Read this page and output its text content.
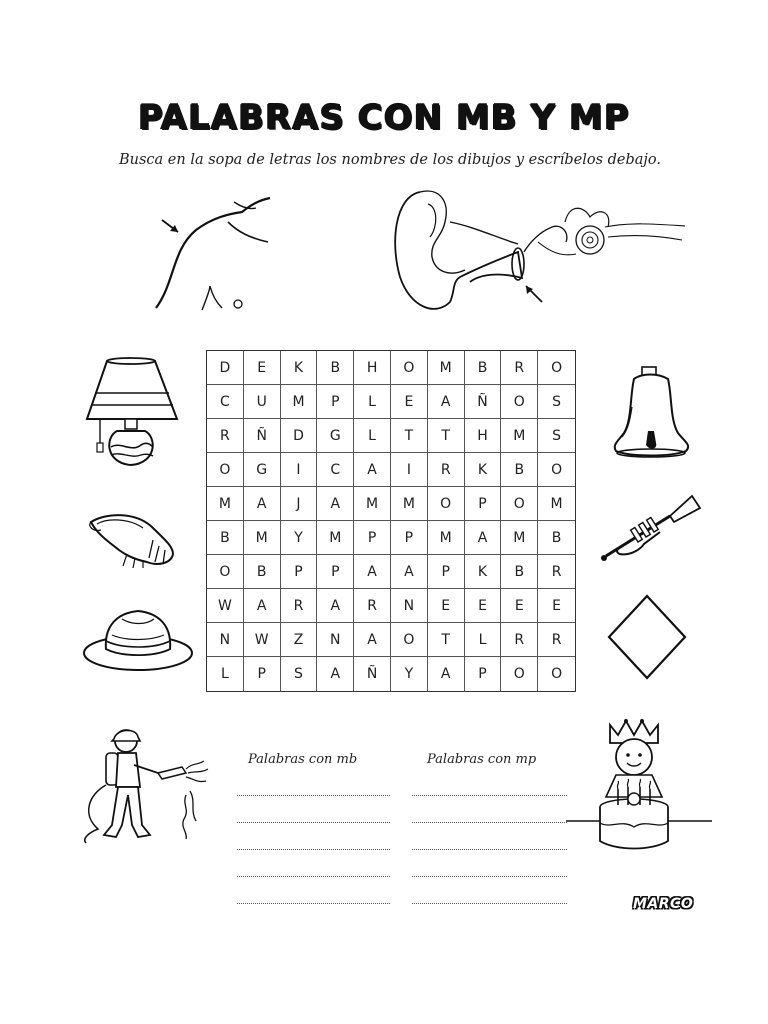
PALABRAS CON MB Y MP
Busca en la sopa de letras los nombres de los dibujos y escríbelos debajo.
D	E	K	B	H	O	M	B	R	O
C	U	M	P	L	E	A	Ñ	O	S
R	Ñ	D	G	L	T	T	H	M	S
O	G	I	C	A	I	R	K	B	O
M	A	J	A	M	M	O	P	O	M
B	M	Y	M	P	P	M	A	M	B
O	B	P	P	A	A	P	K	B	R
W	A	R	A	R	N	E	E	E	E
N	W	Z	N	A	O	T	L	R	R
L	P	S	A	Ñ	Y	A	P	O	O
Palabras con mb	Palabras con mp
MARCO
